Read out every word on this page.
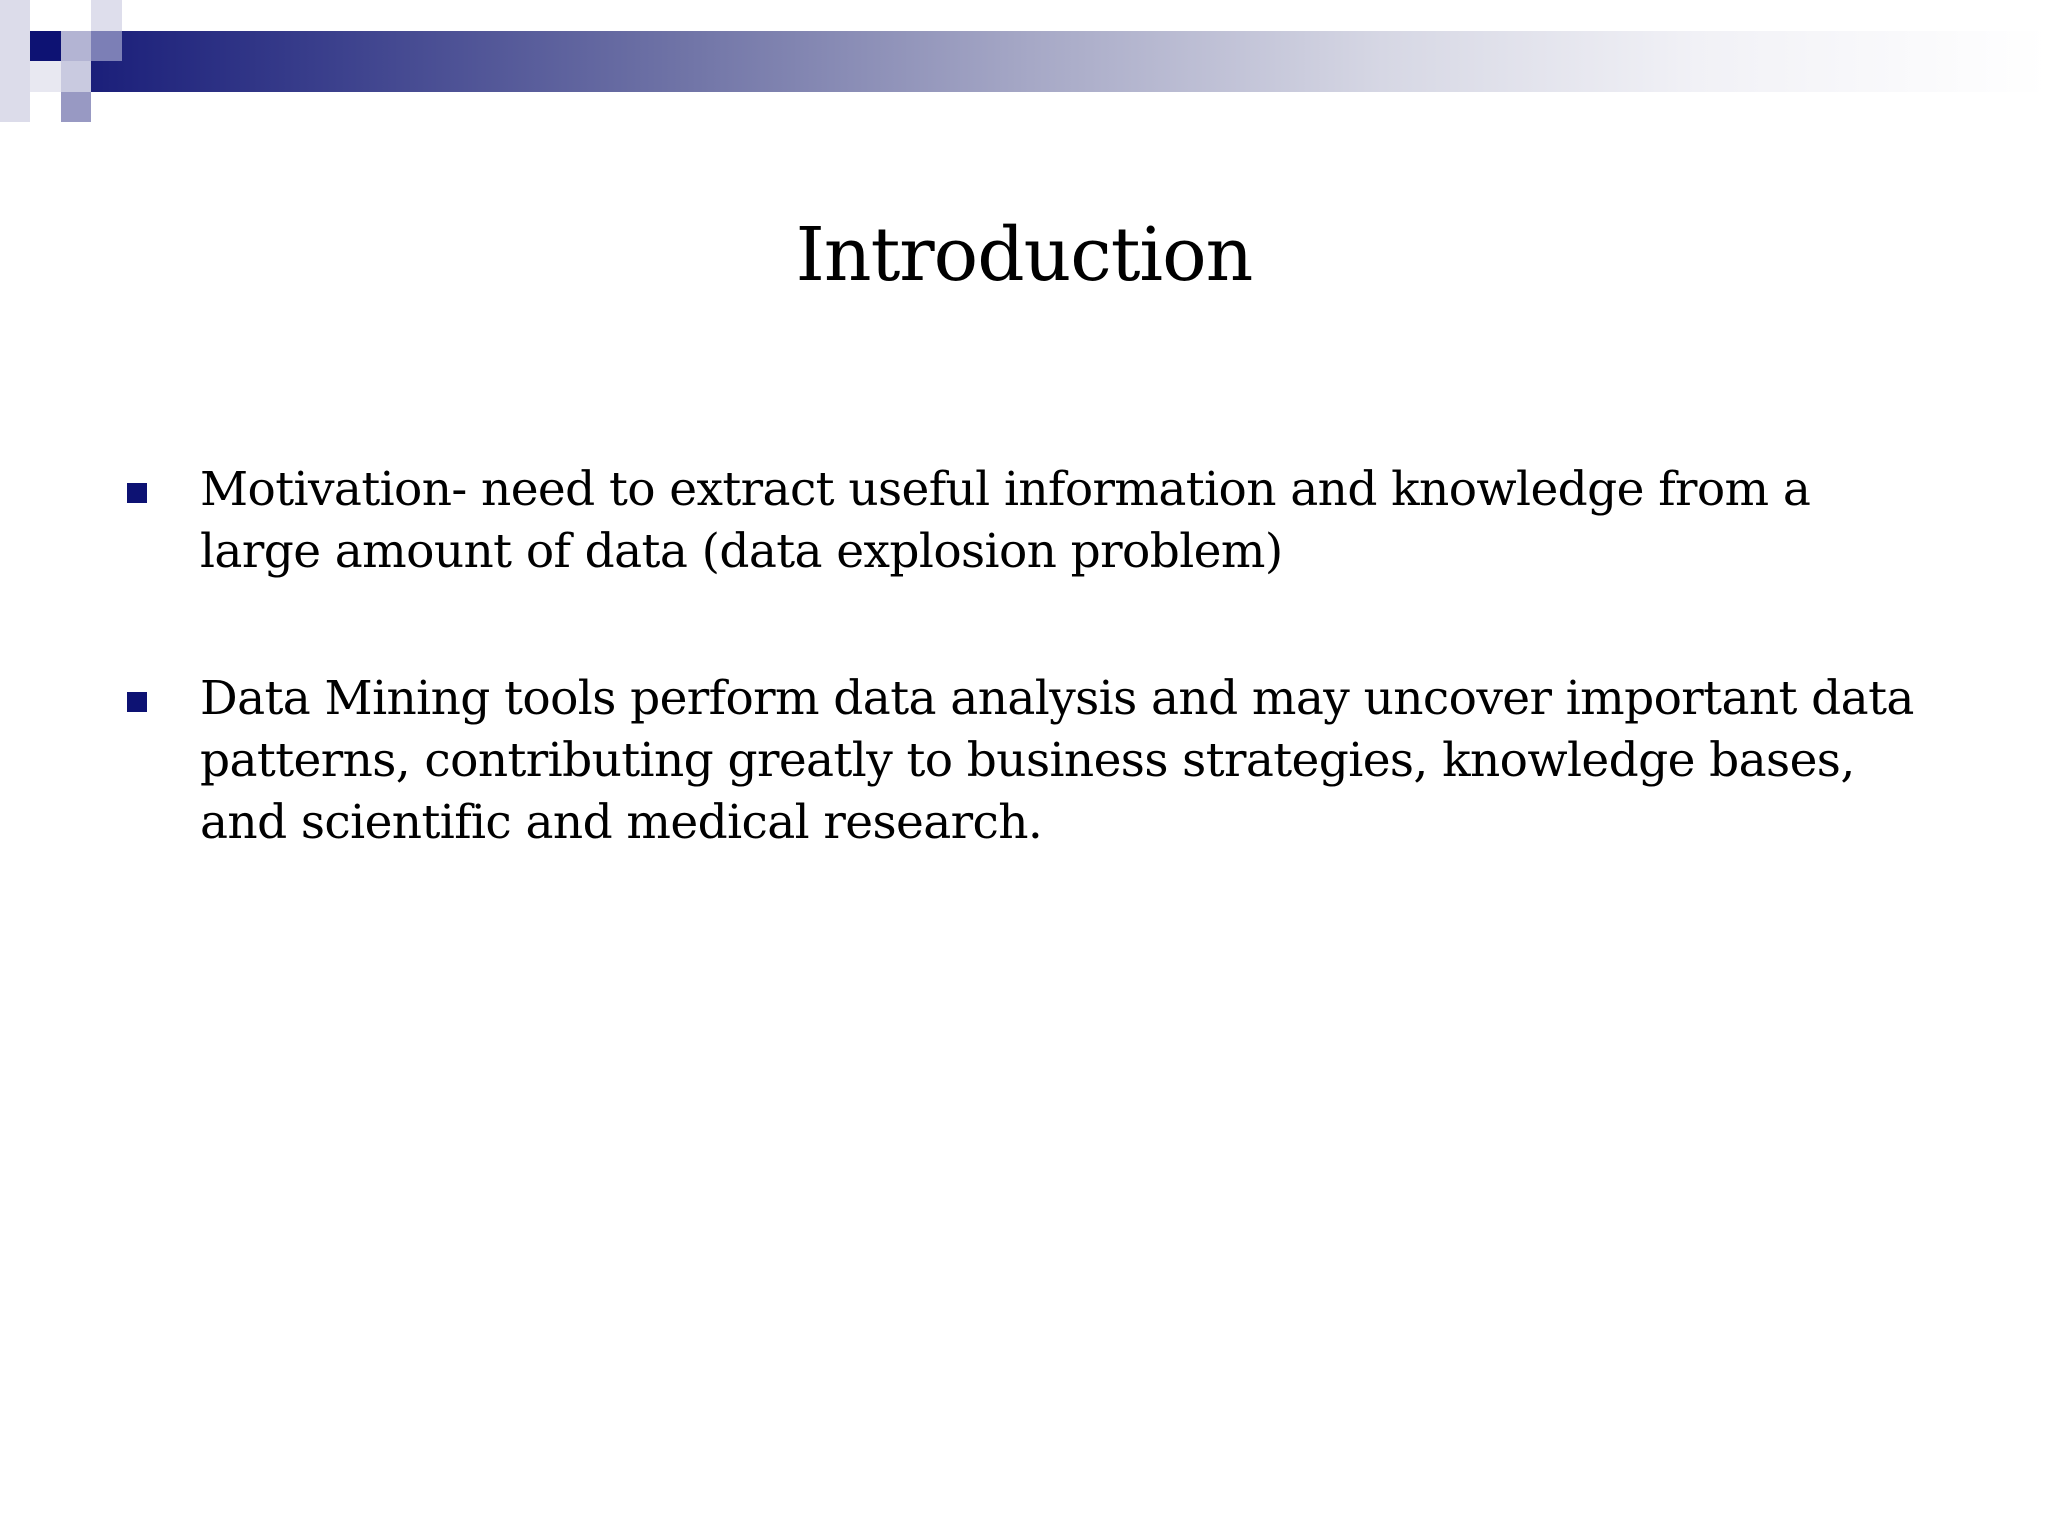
Introduction
Motivation- need to extract useful information and knowledge from a large amount of data (data explosion problem)
Data Mining tools perform data analysis and may uncover important data patterns, contributing greatly to business strategies, knowledge bases, and scientific and medical research.
